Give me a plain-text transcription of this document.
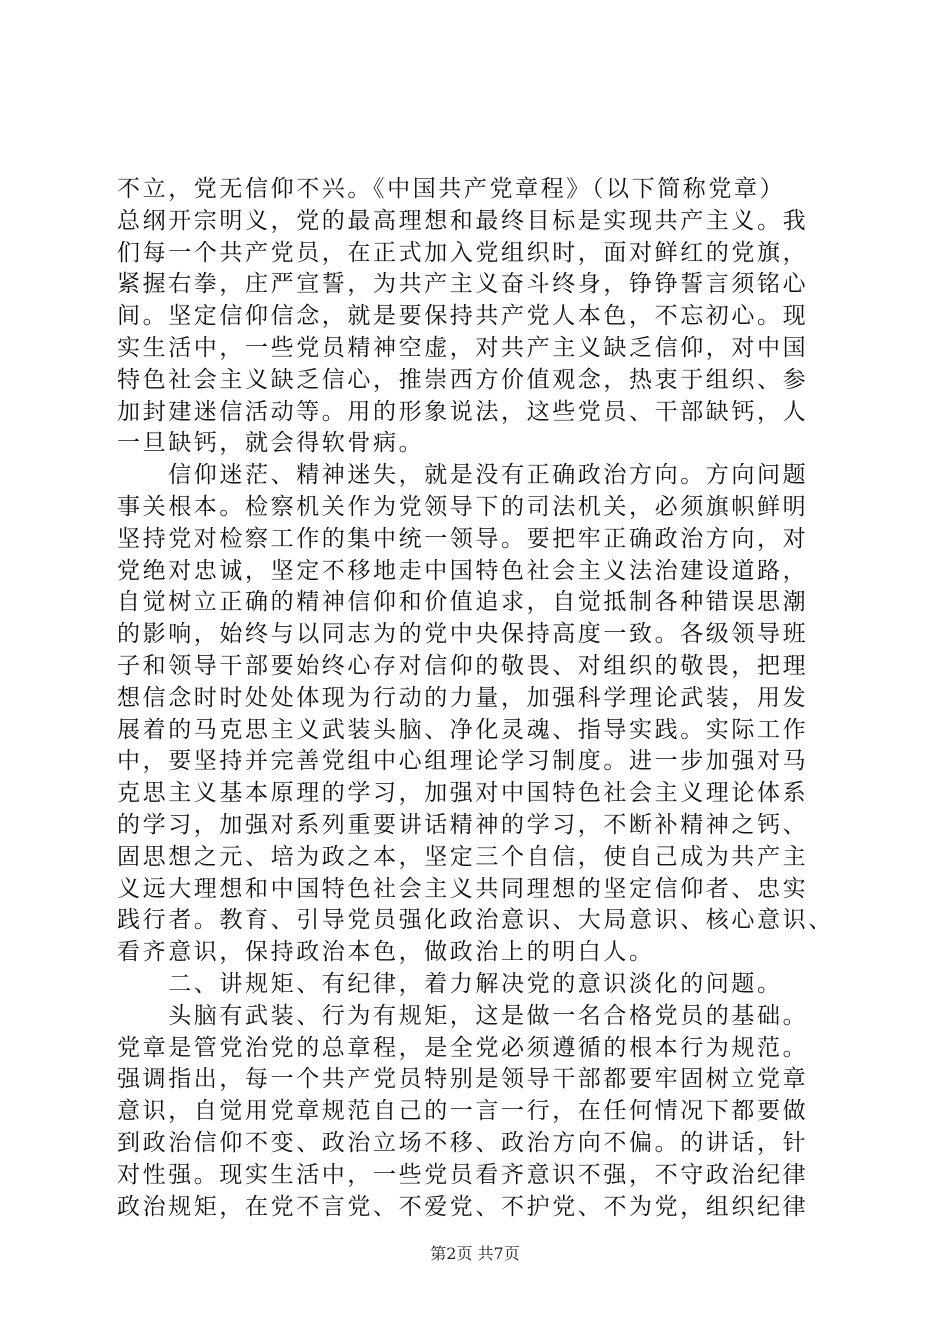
不立，党无信仰不兴。《中国共产党章程》（以下简称党章）
总纲开宗明义，党的最高理想和最终目标是实现共产主义。我
们每一个共产党员，在正式加入党组织时，面对鲜红的党旗，
紧握右拳，庄严宣誓，为共产主义奋斗终身，铮铮誓言须铭心
间。坚定信仰信念，就是要保持共产党人本色，不忘初心。现
实生活中，一些党员精神空虚，对共产主义缺乏信仰，对中国
特色社会主义缺乏信心，推崇西方价值观念，热衷于组织、参
加封建迷信活动等。用的形象说法，这些党员、干部缺钙，人
一旦缺钙，就会得软骨病。
　　信仰迷茫、精神迷失，就是没有正确政治方向。方向问题
事关根本。检察机关作为党领导下的司法机关，必须旗帜鲜明
坚持党对检察工作的集中统一领导。要把牢正确政治方向，对
党绝对忠诚，坚定不移地走中国特色社会主义法治建设道路，
自觉树立正确的精神信仰和价值追求，自觉抵制各种错误思潮
的影响，始终与以同志为的党中央保持高度一致。各级领导班
子和领导干部要始终心存对信仰的敬畏、对组织的敬畏，把理
想信念时时处处体现为行动的力量，加强科学理论武装，用发
展着的马克思主义武装头脑、净化灵魂、指导实践。实际工作
中，要坚持并完善党组中心组理论学习制度。进一步加强对马
克思主义基本原理的学习，加强对中国特色社会主义理论体系
的学习，加强对系列重要讲话精神的学习，不断补精神之钙、
固思想之元、培为政之本，坚定三个自信，使自己成为共产主
义远大理想和中国特色社会主义共同理想的坚定信仰者、忠实
践行者。教育、引导党员强化政治意识、大局意识、核心意识、
看齐意识，保持政治本色，做政治上的明白人。
　　二、讲规矩、有纪律，着力解决党的意识淡化的问题。
　　头脑有武装、行为有规矩，这是做一名合格党员的基础。
党章是管党治党的总章程，是全党必须遵循的根本行为规范。
强调指出，每一个共产党员特别是领导干部都要牢固树立党章
意识，自觉用党章规范自己的一言一行，在任何情况下都要做
到政治信仰不变、政治立场不移、政治方向不偏。的讲话，针
对性强。现实生活中，一些党员看齐意识不强，不守政治纪律
政治规矩，在党不言党、不爱党、不护党、不为党，组织纪律
第2页 共7页
